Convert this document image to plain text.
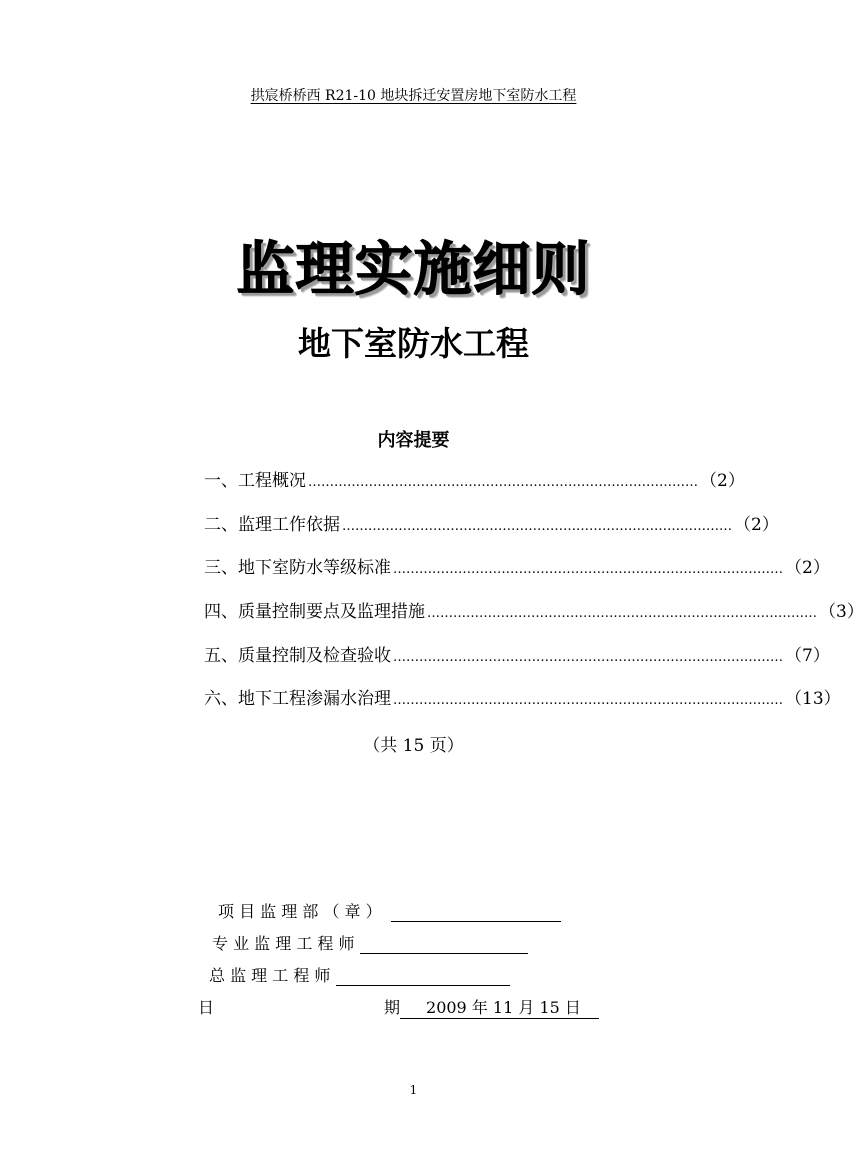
拱宸桥桥西 R21-10 地块拆迁安置房地下室防水工程
监理实施细则
地下室防水工程
内容提要
一、工程概况 ……………………………………………………………………………… （2）
二、监理工作依据 ……………………………………………………………………………… （2）
三、地下室防水等级标准 ……………………………………………………………………………… （2）
四、质量控制要点及监理措施 ……………………………………………………………………………… （3）
五、质量控制及检查验收 ……………………………………………………………………………… （7）
六、地下工程渗漏水治理 ……………………………………………………………………………… （13）
（共 15 页）
项 目 监 理 部 （ 章 ）
专 业 监 理 工 程 师
总 监 理 工 程 师
日	期 2009 年 11 月 15 日
1
